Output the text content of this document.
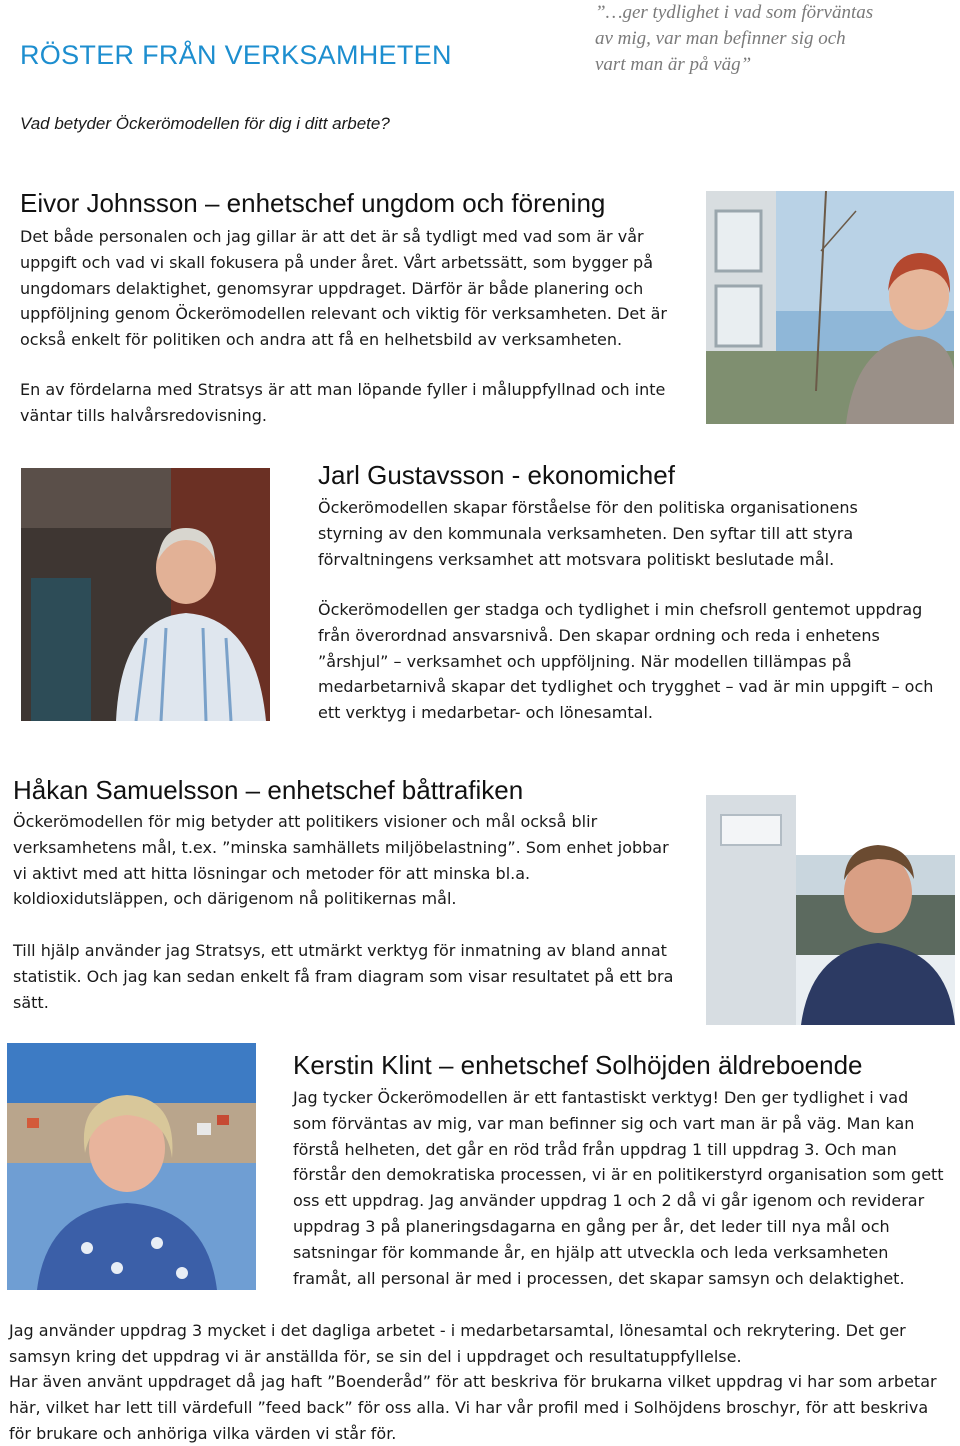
RÖSTER FRÅN VERKSAMHETEN
”…ger tydlighet i vad som förväntas
av mig, var man befinner sig och
vart man är på väg”
Vad betyder Öckerömodellen för dig i ditt arbete?
Eivor Johnsson – enhetschef ungdom och förening
Det både personalen och jag gillar är att det är så tydligt med vad som är vår uppgift och vad vi skall fokusera på under året. Vårt arbetssätt, som bygger på ungdomars delaktighet, genomsyrar uppdraget. Därför är både planering och uppföljning genom Öckerömodellen relevant och viktig för verksamheten. Det är också enkelt för politiken och andra att få en helhetsbild av verksamheten.
En av fördelarna med Stratsys är att man löpande fyller i måluppfyllnad och inte väntar tills halvårsredovisning.
Jarl Gustavsson - ekonomichef
Öckerömodellen skapar förståelse för den politiska organisationens styrning av den kommunala verksamheten. Den syftar till att styra förvaltningens verksamhet att motsvara politiskt beslutade mål.
Öckerömodellen ger stadga och tydlighet i min chefsroll gentemot uppdrag från överordnad ansvarsnivå. Den skapar ordning och reda i enhetens ”årshjul” – verksamhet och uppföljning. När modellen tillämpas på medarbetarnivå skapar det tydlighet och trygghet – vad är min uppgift – och ett verktyg i medarbetar- och lönesamtal.
Håkan Samuelsson – enhetschef båttrafiken
Öckerömodellen för mig betyder att politikers visioner och mål också blir verksamhetens mål, t.ex. ”minska samhällets miljöbelastning”. Som enhet jobbar vi aktivt med att hitta lösningar och metoder för att minska bl.a. koldioxidutsläppen, och därigenom nå politikernas mål.
Till hjälp använder jag Stratsys, ett utmärkt verktyg för inmatning av bland annat statistik. Och jag kan sedan enkelt få fram diagram som visar resultatet på ett bra sätt.
Kerstin Klint – enhetschef Solhöjden äldreboende
Jag tycker Öckerömodellen är ett fantastiskt verktyg! Den ger tydlighet i vad som förväntas av mig, var man befinner sig och vart man är på väg. Man kan förstå helheten, det går en röd tråd från uppdrag 1 till uppdrag 3. Och man förstår den demokratiska processen, vi är en politikerstyrd organisation som gett oss ett uppdrag. Jag använder uppdrag 1 och 2 då vi går igenom och reviderar uppdrag 3 på planeringsdagarna en gång per år, det leder till nya mål och satsningar för kommande år, en hjälp att utveckla och leda verksamheten framåt, all personal är med i processen, det skapar samsyn och delaktighet.
Jag använder uppdrag 3 mycket i det dagliga arbetet - i medarbetarsamtal, lönesamtal och rekrytering. Det ger samsyn kring det uppdrag vi är anställda för, se sin del i uppdraget och resultatuppfyllelse.
Har även använt uppdraget då jag haft ”Boenderåd” för att beskriva för brukarna vilket uppdrag vi har som arbetar här, vilket har lett till värdefull ”feed back” för oss alla. Vi har vår profil med i Solhöjdens broschyr, för att beskriva för brukare och anhöriga vilka värden vi står för.
